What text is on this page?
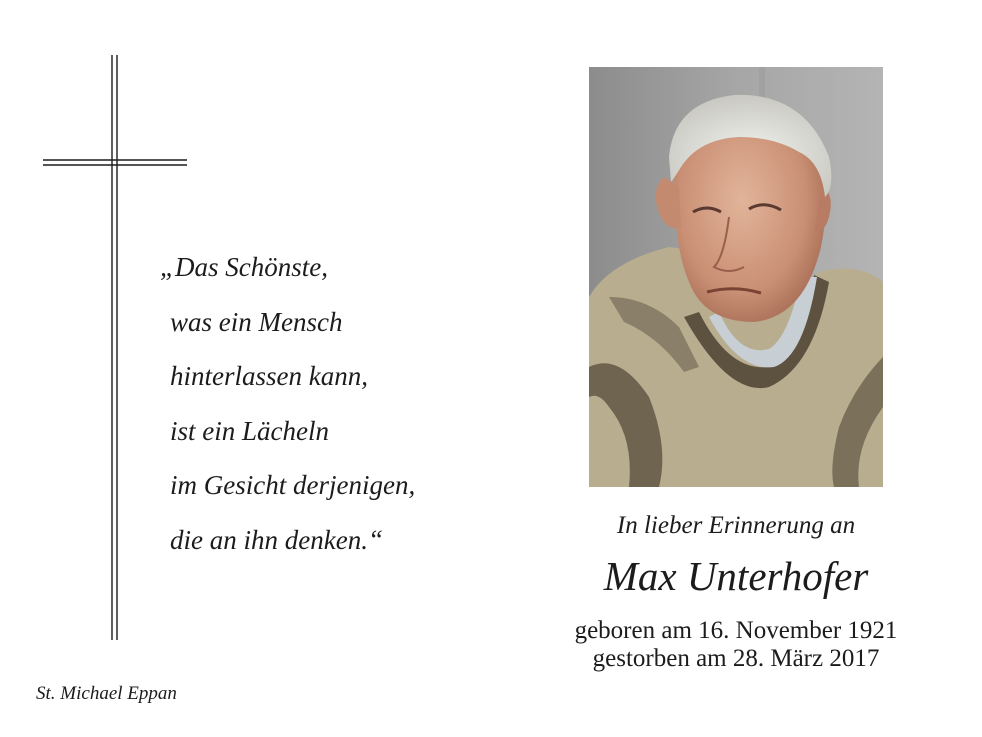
„Das Schönste,
was ein Mensch
hinterlassen kann,
ist ein Lächeln
im Gesicht derjenigen,
die an ihn denken.“
St. Michael Eppan
In lieber Erinnerung an
Max Unterhofer
geboren am 16. November 1921
gestorben am 28. März 2017
